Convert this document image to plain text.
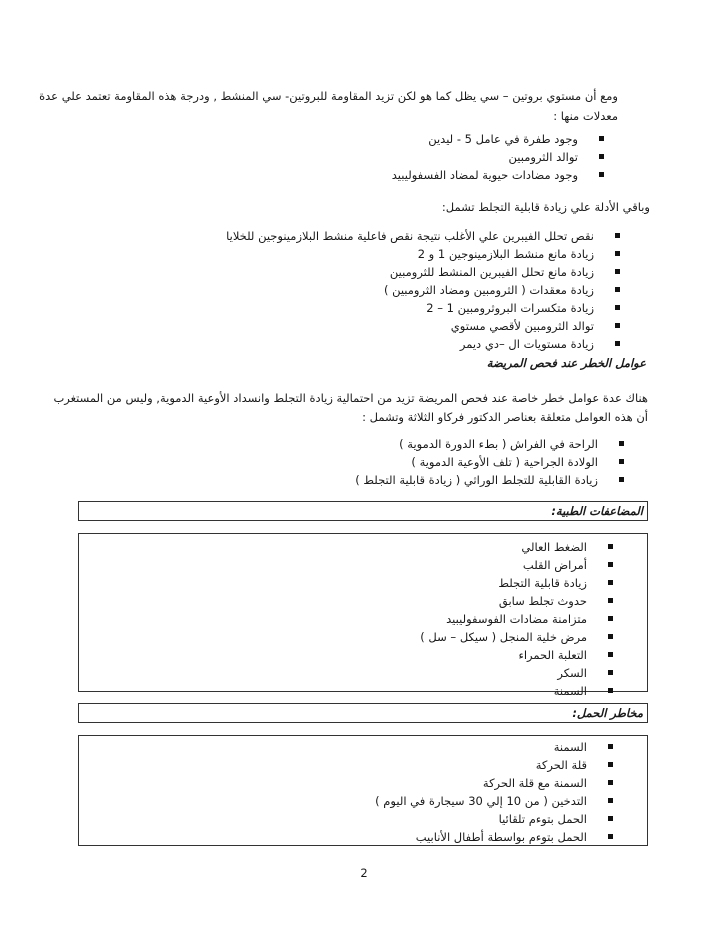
ومع أن مستوي بروتين – سي يظل كما هو لكن تزيد المقاومة للبروتين- سي المنشط , ودرجة هذه المقاومة تعتمد علي عدة
معدلات منها :
وجود طفرة في عامل 5 - ليدين
توالد الثرومبين
وجود مضادات حيوية لمضاد الفسفوليبيد
وباقي الأدلة علي زيادة قابلية التجلط تشمل:
نقص تحلل الفيبرين علي الأغلب نتيجة نقص فاعلية منشط البلازمينوجين للخلايا
زيادة مانع منشط البلازمينوجين 1 و 2
زيادة مانع تحلل الفيبرين المنشط للثرومبين
زيادة معقدات ( الثرومبين ومضاد الثرومبين )
زيادة متكسرات البروثرومبين 1 – 2
توالد الثرومبين لأقصي مستوي
زيادة مستويات ال –دي ديمر
عوامل الخطر عند فحص المريضة
هناك عدة عوامل خطر خاصة عند فحص المريضة تزيد من احتمالية زيادة التجلط وانسداد الأوعية الدموية, وليس من المستغرب
أن هذه العوامل متعلقة بعناصر الدكتور فركاو الثلاثة وتشمل :
الراحة في الفراش ( بطء الدورة الدموية )
الولادة الجراحية ( تلف الأوعية الدموية )
زيادة القابلية للتجلط الوراثي ( زيادة قابلية التجلط )
المضاعفات الطبية:
الضغط العالي
أمراض القلب
زيادة قابلية التجلط
حدوث تجلط سابق
متزامنة مضادات الفوسفوليبيد
مرض خلية المنجل ( سيكل – سل )
التعلبة الحمراء
السكر
السمنة
مخاطر الحمل:
السمنة
قلة الحركة
السمنة مع قلة الحركة
التدخين ( من 10 إلي 30 سيجارة في اليوم )
الحمل بتوءم تلقائيا
الحمل بتوءم بواسطة أطفال الأنابيب
2
